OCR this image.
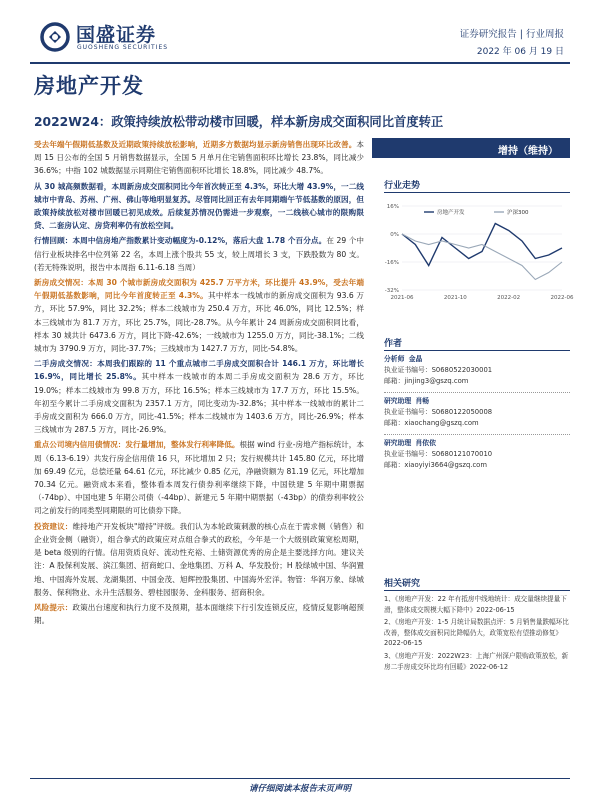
国盛证券
GUOSHENG SECURITIES
证券研究报告 | 行业周报
2022 年 06 月 19 日
房地产开发
2022W24：政策持续放松带动楼市回暖，样本新房成交面积同比首度转正

受去年端午假期低基数及近期政策持续放松影响，近期多方数据均显示新房销售出现环比改善。本周 15 日公布的全国 5 月销售数据显示，全国 5 月单月住宅销售面积环比增长 23.8%，同比减少 36.6%；中指 102 城数据显示同期住宅销售面积环比增长 18.8%，同比减少 48.7%。

从 30 城高频数据看，本周新房成交面积同比今年首次转正至 4.3%，环比大增 43.9%，一二线城市中青岛、苏州、广州、佛山等地明显复苏。尽管同比回正有去年同期端午节低基数的原因，但政策持续放松对楼市回暖已初见成效。后续复苏情况仍需进一步观察，一二线核心城市的限购限贷、二套房认定、房贷利率仍有放松空间。

行情回顾：本周中信房地产指数累计变动幅度为-0.12%，落后大盘 1.78 个百分点。在 29 个中信行业板块排名中位列第 22 名，本周上涨个股共 55 支，较上周增长 3 支，下跌股数为 80 支。(若无特殊说明，报告中本周指 6.11-6.18 当周）

新房成交情况：本周 30 个城市新房成交面积为 425.7 万平方米，环比提升 43.9%，受去年端午假期低基数影响，同比今年首度转正至 4.3%。其中样本一线城市的新房成交面积为 93.6 万方，环比 57.9%，同比 32.2%；样本二线城市为 250.4 万方，环比 46.0%，同比 12.5%；样本三线城市为 81.7 万方，环比 25.7%，同比-28.7%。从今年累计 24 周新房成交面积同比看，样本 30 城共计 6473.6 万方，同比下降-42.6%；一线城市为 1255.0 万方，同比-38.1%；二线城市为 3790.9 万方，同比-37.7%；三线城市为 1427.7 万方，同比-54.8%。

二手房成交情况：本周我们跟踪的 11 个重点城市二手房成交面积合计 146.1 万方，环比增长 16.9%，同比增长 25.8%。其中样本一线城市的本周二手房成交面积为 28.6 万方，环比 19.0%；样本二线城市为 99.8 万方，环比 16.5%；样本三线城市为 17.7 万方，环比 15.5%。年初至今累计二手房成交面积为 2357.1 万方，同比变动为-32.8%；其中样本一线城市的累计二手房成交面积为 666.0 万方，同比-41.5%；样本二线城市为 1403.6 万方，同比-26.9%；样本三线城市为 287.5 万方，同比-26.9%。

重点公司境内信用债情况：发行量增加，整体发行利率降低。根据 wind 行业-房地产指标统计，本周（6.13-6.19）共发行房企信用债 16 只，环比增加 2 只；发行规模共计 145.80 亿元，环比增加 69.49 亿元，总偿还量 64.61 亿元，环比减少 0.85 亿元，净融资额为 81.19 亿元，环比增加 70.34 亿元。融资成本来看，整体看本周发行债券利率继续下降，中国铁建 5 年期中期票据（-74bp）、中国电建 5 年期公司债（-44bp）、新建元 5 年期中期票据（-43bp）的债券利率较公司之前发行的同类型同期限的可比债券下降。

投资建议：维持地产开发板块"增持"评级。我们认为本轮政策刺激的核心点在于需求侧（销售）和企业资金侧（融资），组合拳式的政策应对点组合拳式的政松，今年是一个大级别政策宽松周期，是 beta 级别的行情。信用资质良好、流动性充裕、土储资源优秀的房企是主要选择方向。建议关注：A 股保利发展、滨江集团、招商蛇口、金地集团、万科 A、华发股份；H 股绿城中国、华润置地、中国海外发展、龙湖集团、中国金茂、旭辉控股集团、中国海外宏洋。物管：华润万象、绿城服务、保利物业、永升生活服务、碧桂园服务、金科服务、招商积余。

风险提示：政策出台速度和执行力度不及预期，基本面继续下行引发连锁反应，疫情反复影响超预期。

增持（维持）
行业走势
16%
0%
-16%
-32%
2021-06	2021-10	2022-02	2022-06
房地产开发	沪深300
作者
分析师 金晶
执业证书编号：S0680522030001
邮箱：jinjing3@gszq.com
研究助理 肖畅
执业证书编号：S0680122050008
邮箱：xiaochang@gszq.com
研究助理 肖依依
执业证书编号：S0680121070010
邮箱：xiaoyiyi3664@gszq.com
相关研究

1、《房地产开发：22 年有抵房中线地统计：成交量继续提量下滑，整体成交规模大幅下降中》2022-06-15

2、《房地产开发：1-5 月统计局数据点评：5 月销售量跌幅环比改善，整体成交面积同比降幅仍大，政策宽松有望推动修复》2022-06-15

3、《房地产开发：2022W23：上海广州深户限购政策放松，新房二手房成交环比均有回暖》2022-06-12

请仔细阅读本报告末页声明
